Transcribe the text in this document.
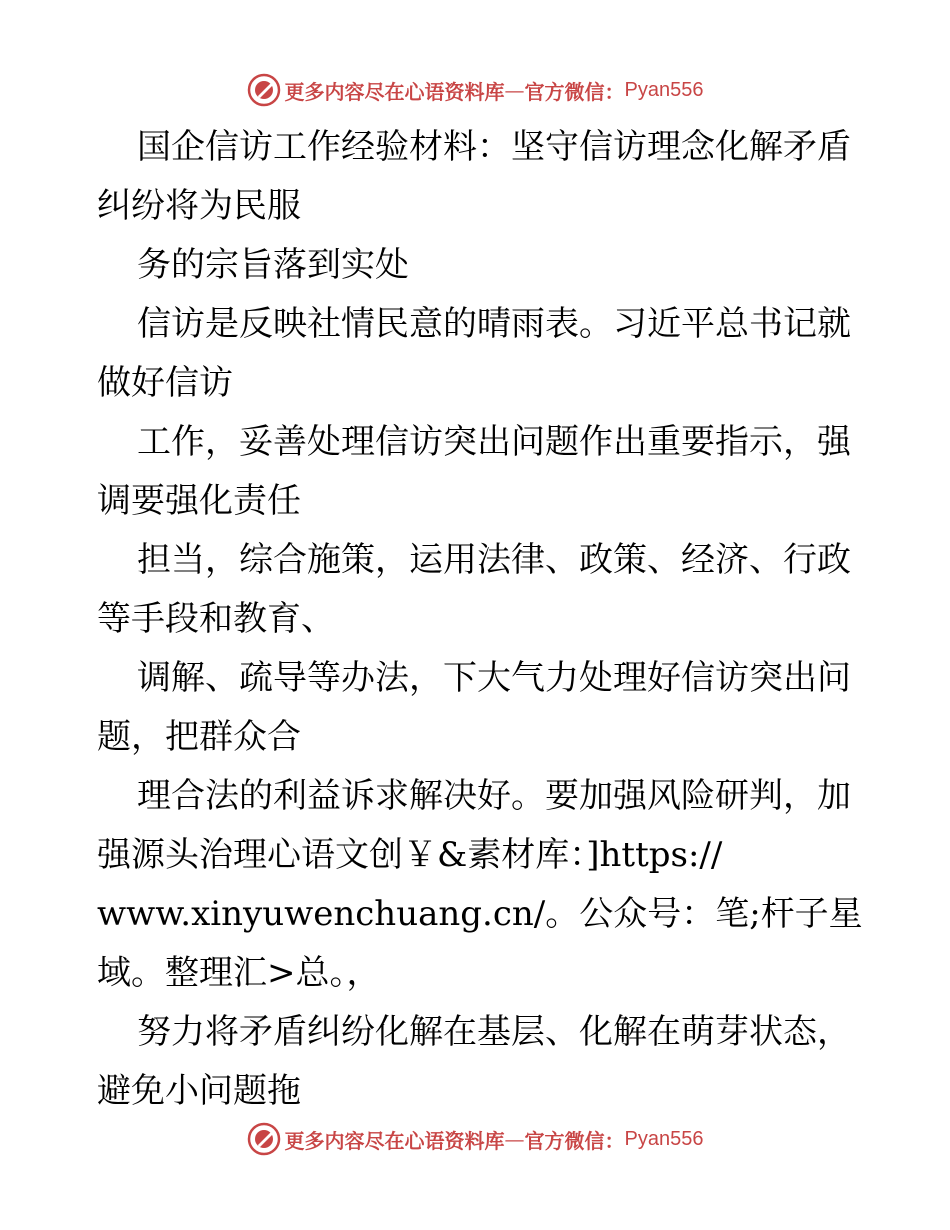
更多内容尽在心语资料库 — 官方微信： Pyan556
国企信访工作经验材料：坚守信访理念化解矛盾
纠纷将为民服
务的宗旨落到实处
信访是反映社情民意的晴雨表。习近平总书记就
做好信访
工作，妥善处理信访突出问题作出重要指示，强
调要强化责任
担当，综合施策，运用法律、政策、经济、行政
等手段和教育、
调解、疏导等办法，下大气力处理好信访突出问
题，把群众合
理合法的利益诉求解决好。要加强风险研判，加
强源头治理心语文创￥&素材库：]https://
www.xinyuwenchuang.cn/。公众号：笔;杆子星
域。整理汇>总。，
努力将矛盾纠纷化解在基层、化解在萌芽状态，
避免小问题拖
更多内容尽在心语资料库 — 官方微信： Pyan556
